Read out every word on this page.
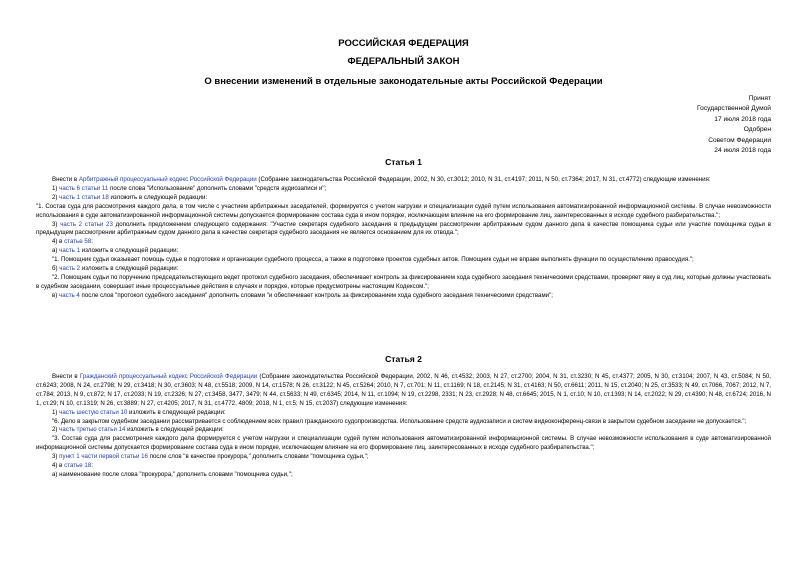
РОССИЙСКАЯ ФЕДЕРАЦИЯ
ФЕДЕРАЛЬНЫЙ ЗАКОН
О внесении изменений в отдельные законодательные акты Российской Федерации
Принят
Государственной Думой
17 июля 2018 года
Одобрен
Советом Федерации
24 июля 2018 года
Статья 1

Внести в Арбитражный процессуальный кодекс Российской Федерации (Собрание законодательства Российской Федерации, 2002, N 30, ст.3012; 2010, N 31, ст.4197; 2011, N 50, ст.7364; 2017, N 31, ст.4772) следующие изменения:

1) часть 6 статьи 11 после слова "Использование" дополнить словами "средств аудиозаписи и";

2) часть 1 статьи 18 изложить в следующей редакции:

"1. Состав суда для рассмотрения каждого дела, в том числе с участием арбитражных заседателей, формируется с учетом нагрузки и специализации судей путем использования автоматизированной информационной системы. В случае невозможности использования в суде автоматизированной информационной системы допускается формирование состава суда в ином порядке, исключающем влияние на его формирование лиц, заинтересованных в исходе судебного разбирательства.";

3) часть 2 статьи 23 дополнить предложением следующего содержания: "Участие секретаря судебного заседания в предыдущем рассмотрении арбитражным судом данного дела в качестве помощника судьи или участие помощника судьи в предыдущем рассмотрении арбитражным судом данного дела в качестве секретаря судебного заседания не является основанием для их отвода.";

4) в статье 58:

а) часть 1 изложить в следующей редакции:

"1. Помощник судьи оказывает помощь судье в подготовке и организации судебного процесса, а также в подготовке проектов судебных актов. Помощник судьи не вправе выполнять функции по осуществлению правосудия.";

б) часть 2 изложить в следующей редакции:

"2. Помощник судьи по поручению председательствующего ведет протокол судебного заседания, обеспечивает контроль за фиксированием хода судебного заседания техническими средствами, проверяет явку в суд лиц, которые должны участвовать в судебном заседании, совершает иные процессуальные действия в случаях и порядке, которые предусмотрены настоящим Кодексом.";

в) часть 4 после слов "протокол судебного заседания" дополнить словами "и обеспечивает контроль за фиксированием хода судебного заседания техническими средствами";

Статья 2

Внести в Гражданский процессуальный кодекс Российской Федерации (Собрание законодательства Российской Федерации, 2002, N 46, ст.4532; 2003, N 27, ст.2700; 2004, N 31, ст.3230; N 45, ст.4377; 2005, N 30, ст.3104; 2007, N 43, ст.5084; N 50, ст.6243; 2008, N 24, ст.2798; N 29, ст.3418; N 30, ст.3603; N 48, ст.5518; 2009, N 14, ст.1578; N 26, ст.3122; N 45, ст.5264; 2010, N 7, ст.701; N 11, ст.1169; N 18, ст.2145; N 31, ст.4163; N 50, ст.6611; 2011, N 15, ст.2040; N 25, ст.3533; N 49, ст.7066, 7067; 2012, N 7, ст.784; 2013, N 9, ст.872; N 17, ст.2033; N 19, ст.2326; N 27, ст.3458, 3477, 3479; N 44, ст.5633; N 49, ст.6345; 2014, N 11, ст.1094; N 19, ст.2298, 2331; N 23, ст.2928; N 48, ст.6645; 2015, N 1, ст.10; N 10, ст.1393; N 14, ст.2022; N 29, ст.4390; N 48, ст.6724; 2016, N 1, ст.29; N 10, ст.1319; N 26, ст.3889; N 27, ст.4205; 2017, N 31, ст.4772, 4809; 2018, N 1, ст.5; N 15, ст.2037) следующие изменения:

1) часть шестую статьи 10 изложить в следующей редакции:

"6. Дело в закрытом судебном заседании рассматривается с соблюдением всех правил гражданского судопроизводства. Использование средств аудиозаписи и систем видеоконференц-связи в закрытом судебном заседании не допускается.";

2) часть третью статьи 14 изложить в следующей редакции:

"3. Состав суда для рассмотрения каждого дела формируется с учетом нагрузки и специализации судей путем использования автоматизированной информационной системы. В случае невозможности использования в суде автоматизированной информационной системы допускается формирование состава суда в ином порядке, исключающем влияние на его формирование лиц, заинтересованных в исходе судебного разбирательства.";

3) пункт 1 части первой статьи 16 после слов "в качестве прокурора," дополнить словами "помощника судьи,";

4) в статье 18:

а) наименование после слова "прокурора," дополнить словами "помощника судьи,";
